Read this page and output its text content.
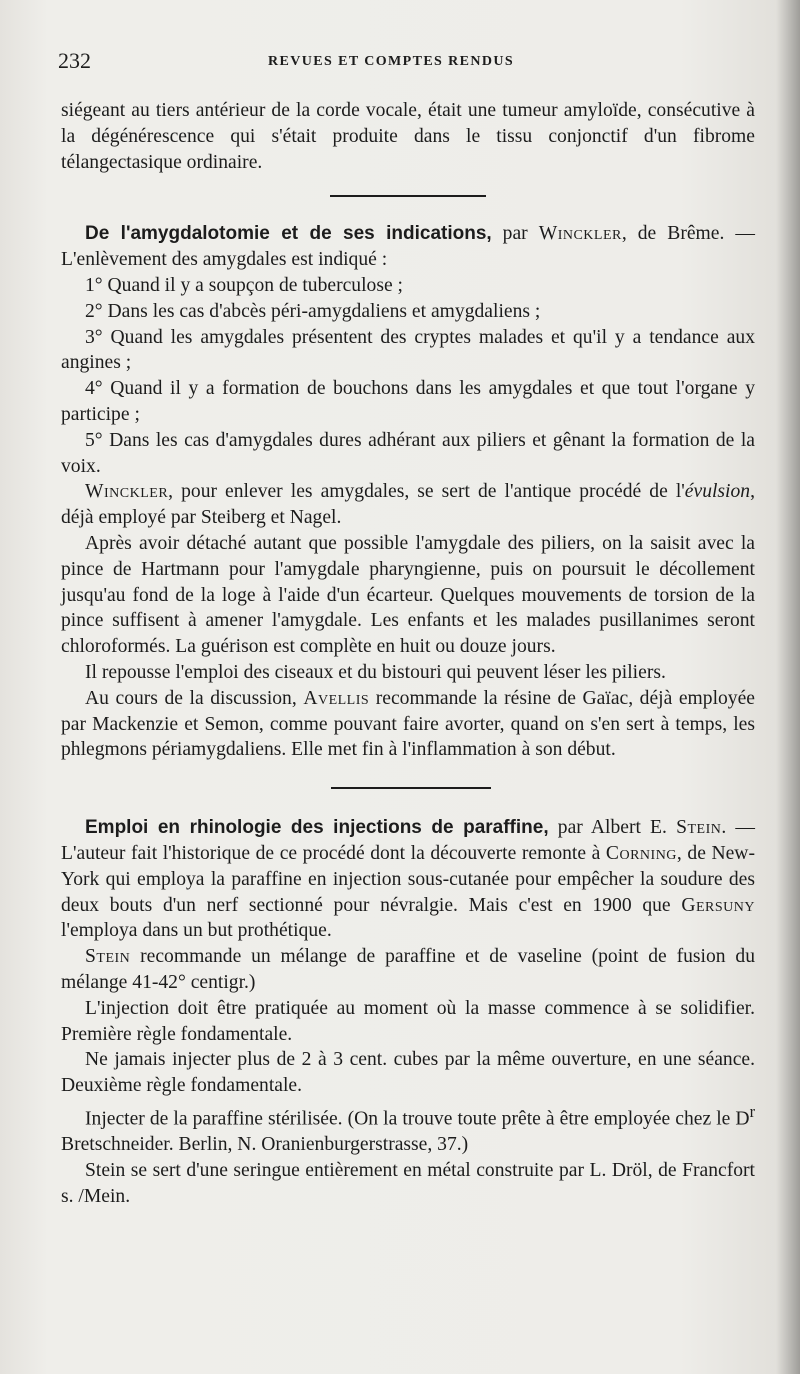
232	REVUES ET COMPTES RENDUS

siégeant au tiers antérieur de la corde vocale, était une tumeur amyloïde, consécutive à la dégénérescence qui s'était produite dans le tissu conjonctif d'un fibrome télangectasique ordinaire.

De l'amygdalotomie et de ses indications, par Winckler, de Brême. — L'enlèvement des amygdales est indiqué :

1° Quand il y a soupçon de tuberculose ;

2° Dans les cas d'abcès péri-amygdaliens et amygdaliens ;

3° Quand les amygdales présentent des cryptes malades et qu'il y a tendance aux angines ;

4° Quand il y a formation de bouchons dans les amygdales et que tout l'organe y participe ;

5° Dans les cas d'amygdales dures adhérant aux piliers et gênant la formation de la voix.

Winckler, pour enlever les amygdales, se sert de l'antique procédé de l'évulsion, déjà employé par Steiberg et Nagel.

Après avoir détaché autant que possible l'amygdale des piliers, on la saisit avec la pince de Hartmann pour l'amygdale pharyngienne, puis on poursuit le décollement jusqu'au fond de la loge à l'aide d'un écarteur. Quelques mouvements de torsion de la pince suffisent à amener l'amygdale. Les enfants et les malades pusillanimes seront chloroformés. La guérison est complète en huit ou douze jours.

Il repousse l'emploi des ciseaux et du bistouri qui peuvent léser les piliers.

Au cours de la discussion, Avellis recommande la résine de Gaïac, déjà employée par Mackenzie et Semon, comme pouvant faire avorter, quand on s'en sert à temps, les phlegmons périamygdaliens. Elle met fin à l'inflammation à son début.

Emploi en rhinologie des injections de paraffine, par Albert E. Stein. — L'auteur fait l'historique de ce procédé dont la découverte remonte à Corning, de New-York qui employa la paraffine en injection sous-cutanée pour empêcher la soudure des deux bouts d'un nerf sectionné pour névralgie. Mais c'est en 1900 que Gersuny l'employa dans un but prothétique.

Stein recommande un mélange de paraffine et de vaseline (point de fusion du mélange 41-42° centigr.)

L'injection doit être pratiquée au moment où la masse commence à se solidifier. Première règle fondamentale.

Ne jamais injecter plus de 2 à 3 cent. cubes par la même ouverture, en une séance. Deuxième règle fondamentale.

Injecter de la paraffine stérilisée. (On la trouve toute prête à être employée chez le $D^r$ Bretschneider. Berlin, N. Oranienburgerstrasse, 37.)

Stein se sert d'une seringue entièrement en métal construite par L. Dröl, de Francfort s. /Mein.
